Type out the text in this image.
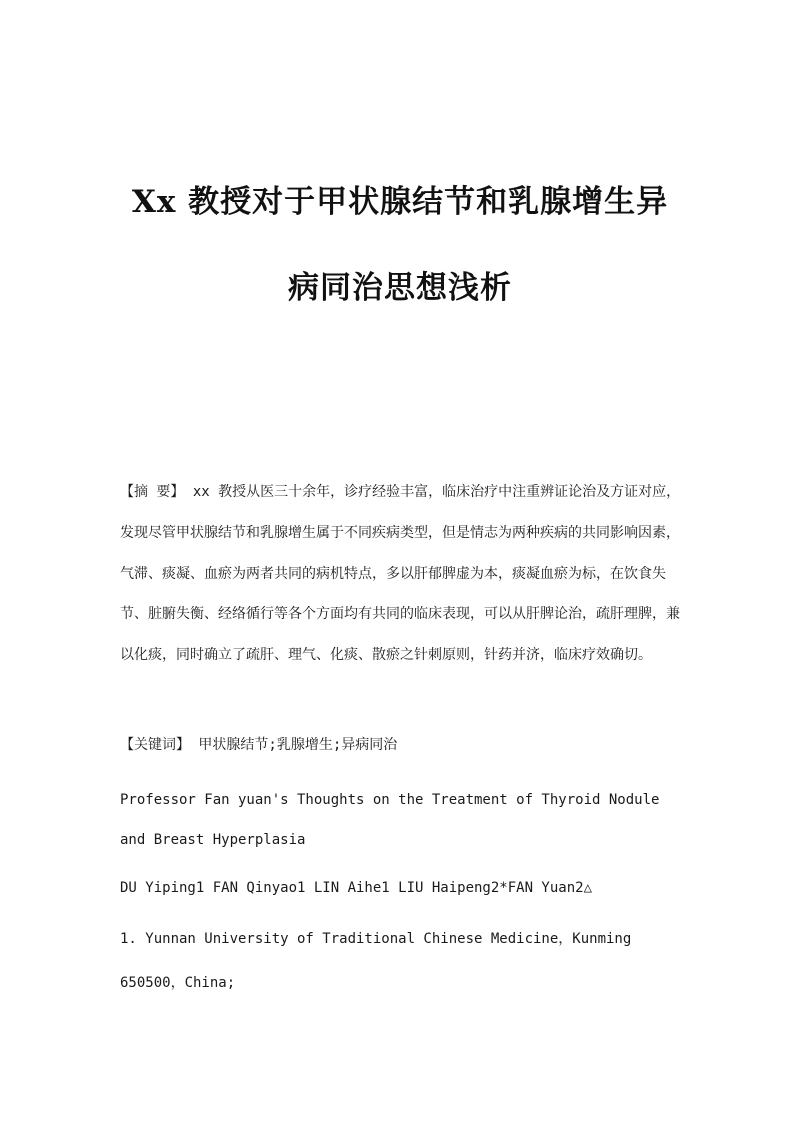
Xx 教授对于甲状腺结节和乳腺增生异
病同治思想浅析

【摘 要】 xx 教授从医三十余年，诊疗经验丰富，临床治疗中注重辨证论治及方证对应，发现尽管甲状腺结节和乳腺增生属于不同疾病类型，但是情志为两种疾病的共同影响因素，气滞、痰凝、血瘀为两者共同的病机特点，多以肝郁脾虚为本，痰凝血瘀为标，在饮食失节、脏腑失衡、经络循行等各个方面均有共同的临床表现，可以从肝脾论治，疏肝理脾，兼以化痰，同时确立了疏肝、理气、化痰、散瘀之针刺原则，针药并济，临床疗效确切。

【关键词】 甲状腺结节;乳腺增生;异病同治

Professor Fan yuan's Thoughts on the Treatment of Thyroid Nodule and Breast Hyperplasia

DU Yiping1 FAN Qinyao1 LIN Aihe1 LIU Haipeng2*FAN Yuan2△

1. Yunnan University of Traditional Chinese Medicine，Kunming 650500，China;
